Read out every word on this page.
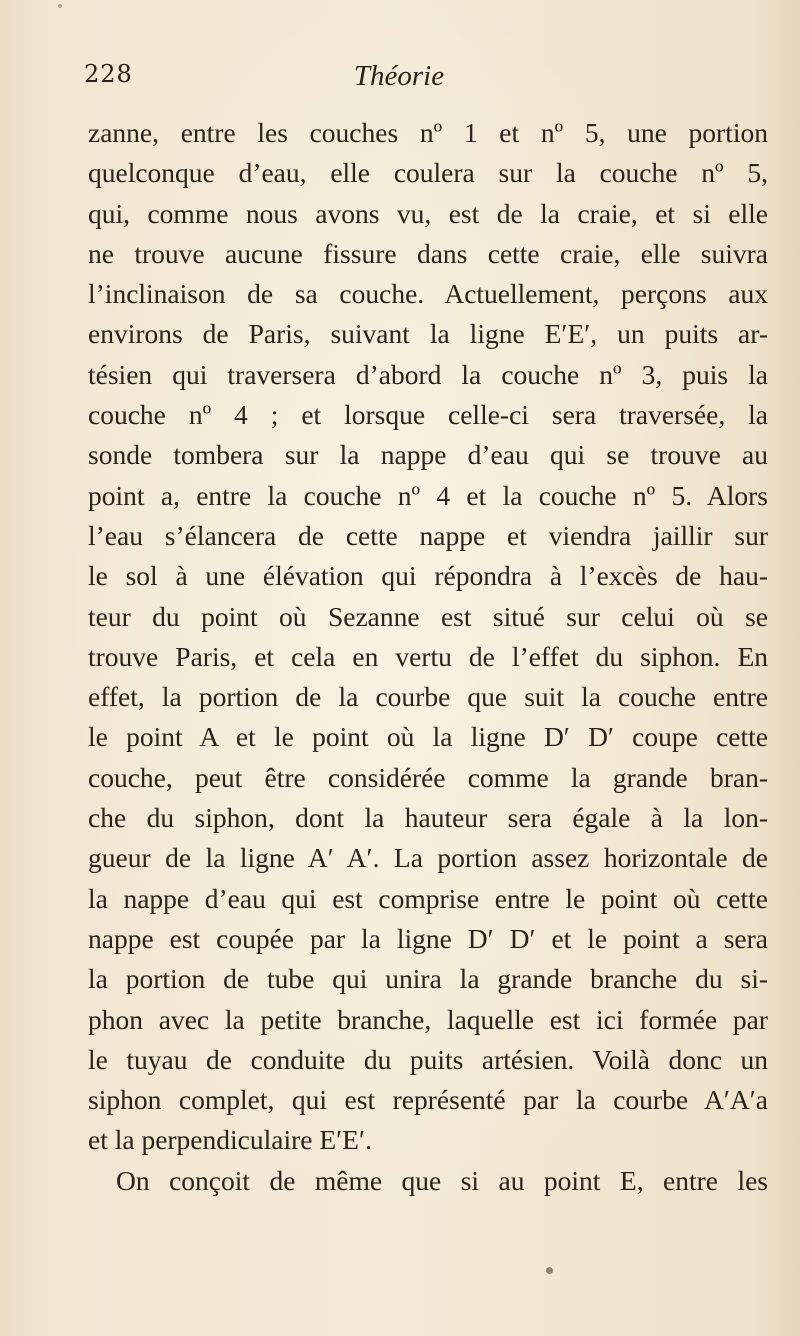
228	Théorie
zanne, entre les couches nº 1 et nº 5, une portion
quelconque d’eau, elle coulera sur la couche nº 5,
qui, comme nous avons vu, est de la craie, et si elle
ne trouve aucune fissure dans cette craie, elle suivra
l’inclinaison de sa couche. Actuellement, perçons aux
environs de Paris, suivant la ligne E′E′, un puits ar-
tésien qui traversera d’abord la couche nº 3, puis la
couche nº 4 ; et lorsque celle-ci sera traversée, la
sonde tombera sur la nappe d’eau qui se trouve au
point a, entre la couche nº 4 et la couche nº 5. Alors
l’eau s’élancera de cette nappe et viendra jaillir sur
le sol à une élévation qui répondra à l’excès de hau-
teur du point où Sezanne est situé sur celui où se
trouve Paris, et cela en vertu de l’effet du siphon. En
effet, la portion de la courbe que suit la couche entre
le point A et le point où la ligne D′ D′ coupe cette
couche, peut être considérée comme la grande bran-
che du siphon, dont la hauteur sera égale à la lon-
gueur de la ligne A′ A′. La portion assez horizontale de
la nappe d’eau qui est comprise entre le point où cette
nappe est coupée par la ligne D′ D′ et le point a sera
la portion de tube qui unira la grande branche du si-
phon avec la petite branche, laquelle est ici formée par
le tuyau de conduite du puits artésien. Voilà donc un
siphon complet, qui est représenté par la courbe A′A′a
et la perpendiculaire E′E′.
On conçoit de même que si au point E, entre les
